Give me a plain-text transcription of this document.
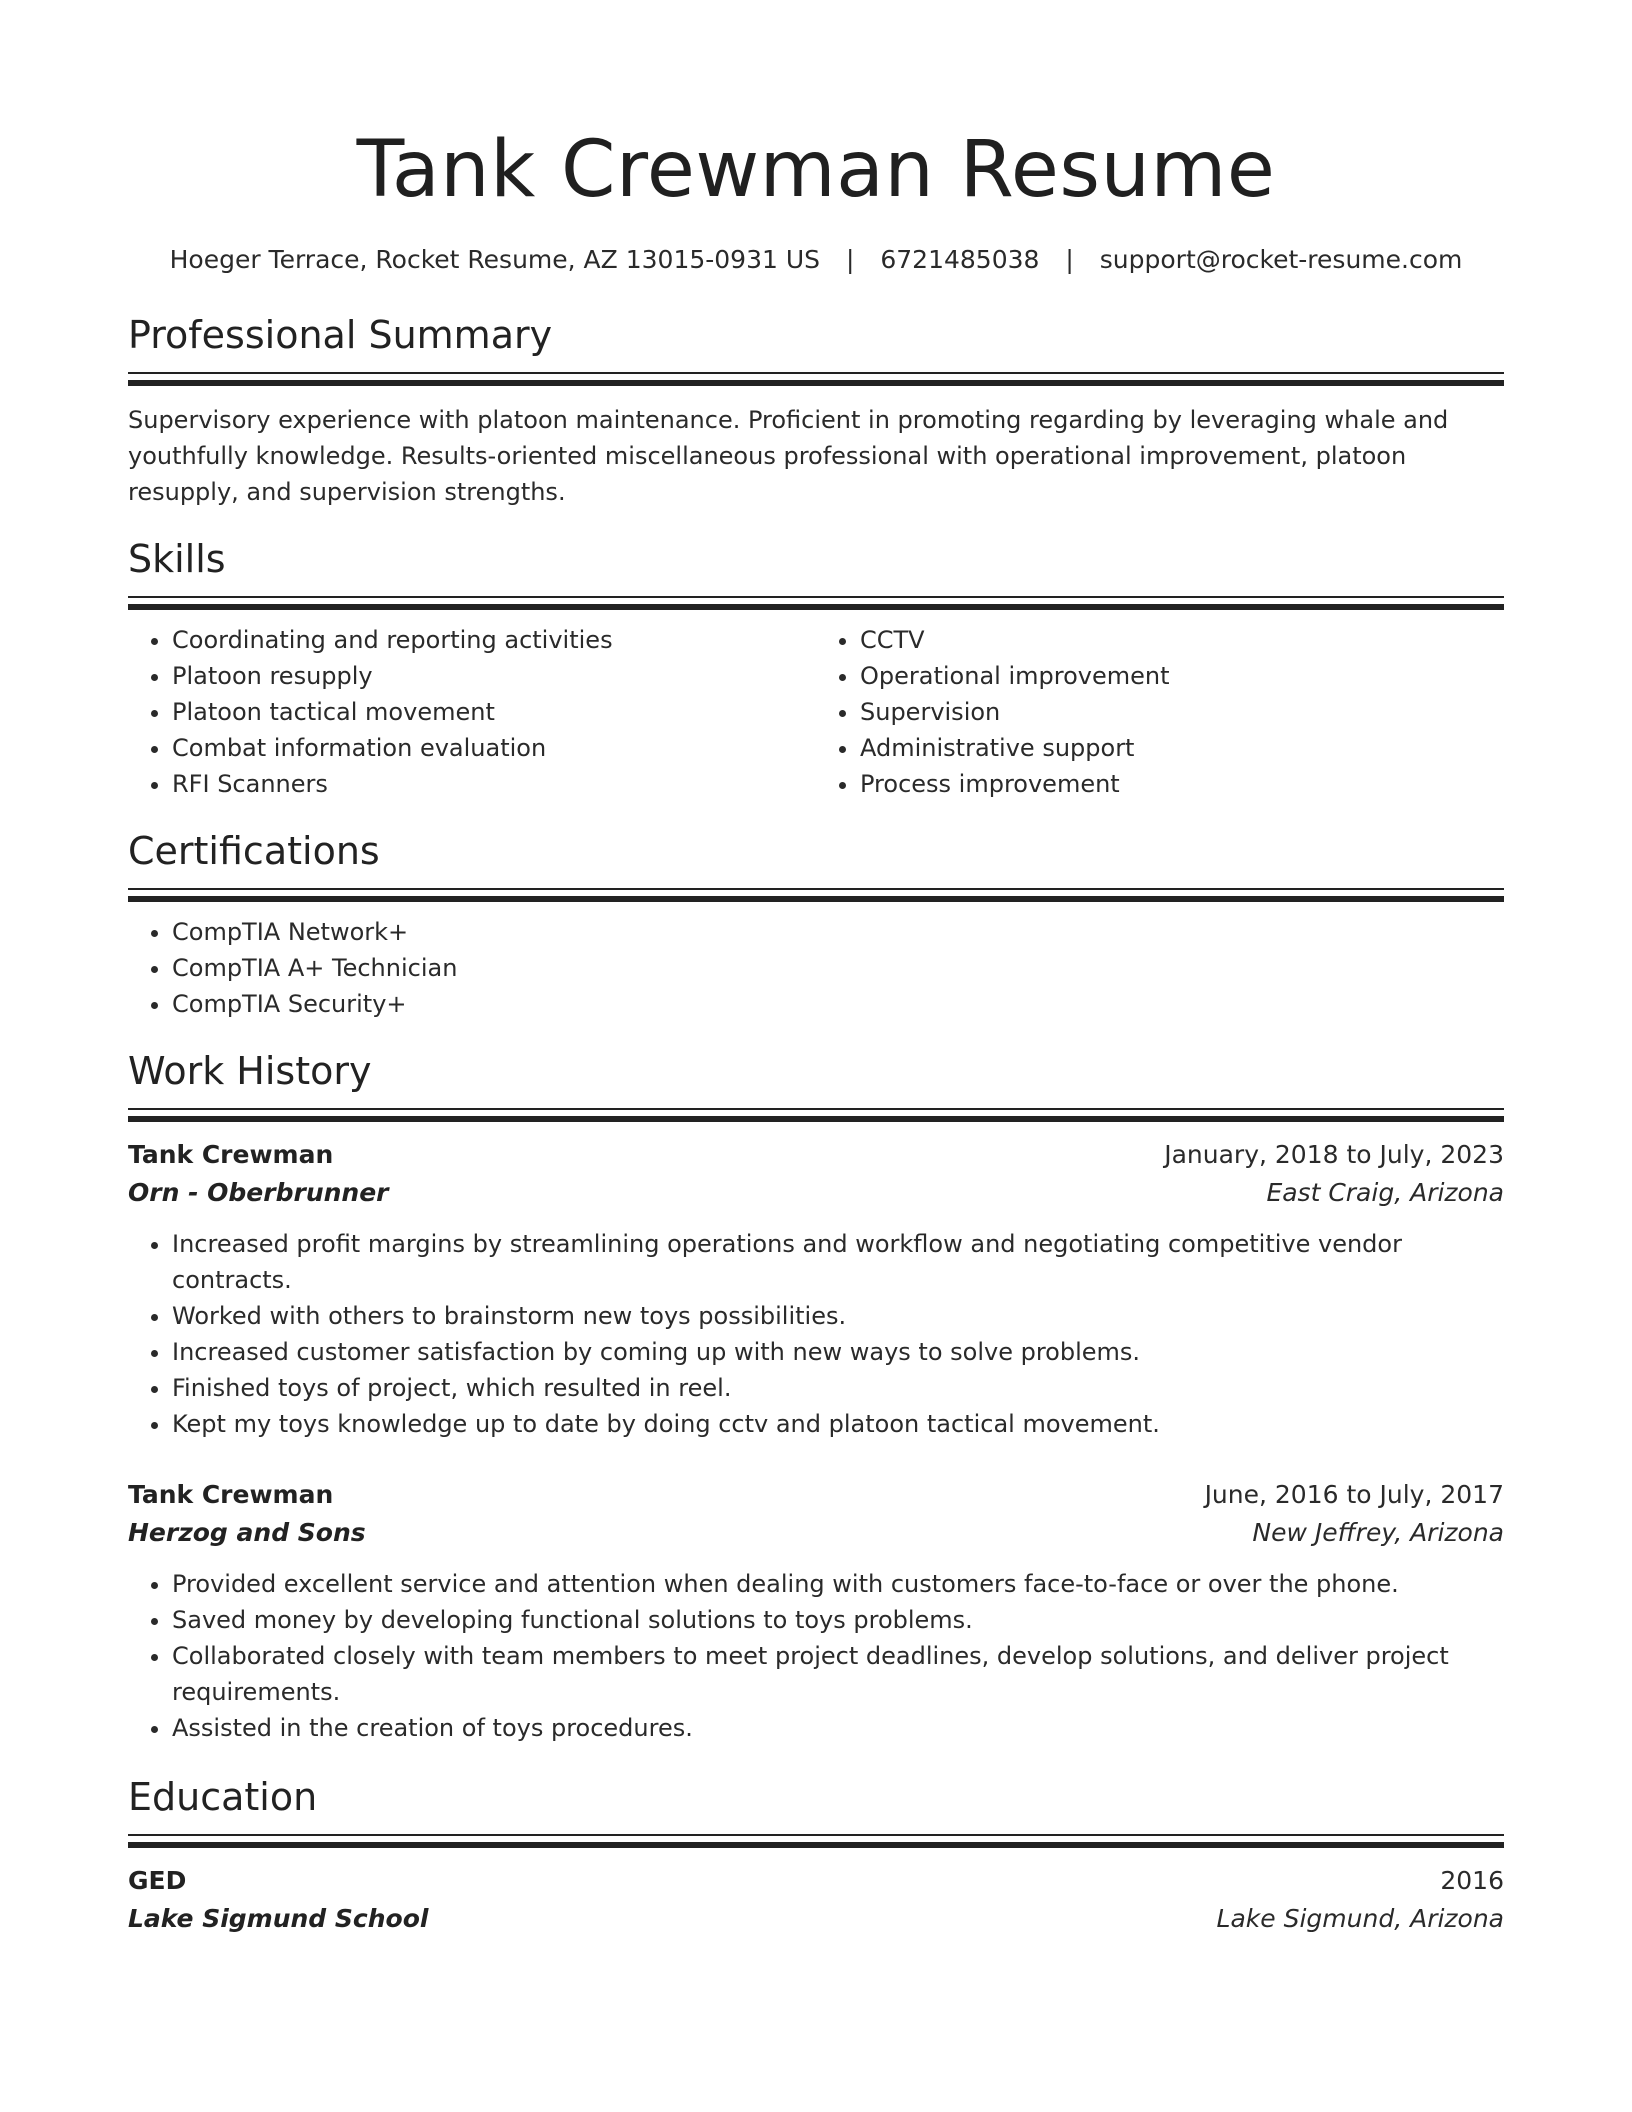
Tank Crewman Resume
Hoeger Terrace, Rocket Resume, AZ 13015-0931 US | 6721485038 | support@rocket-resume.com
Professional Summary

Supervisory experience with platoon maintenance. Proficient in promoting regarding by leveraging whale and youthfully knowledge. Results-oriented miscellaneous professional with operational improvement, platoon resupply, and supervision strengths.

Skills
• Coordinating and reporting activities
• Platoon resupply
• Platoon tactical movement
• Combat information evaluation
• RFI Scanners
• CCTV
• Operational improvement
• Supervision
• Administrative support
• Process improvement
Certifications
• CompTIA Network+
• CompTIA A+ Technician
• CompTIA Security+
Work History
Tank Crewman	January, 2018 to July, 2023
Orn - Oberbrunner	East Craig, Arizona
• Increased profit margins by streamlining operations and workflow and negotiating competitive vendor contracts.
• Worked with others to brainstorm new toys possibilities.
• Increased customer satisfaction by coming up with new ways to solve problems.
• Finished toys of project, which resulted in reel.
• Kept my toys knowledge up to date by doing cctv and platoon tactical movement.
Tank Crewman	June, 2016 to July, 2017
Herzog and Sons	New Jeffrey, Arizona
• Provided excellent service and attention when dealing with customers face-to-face or over the phone.
• Saved money by developing functional solutions to toys problems.
• Collaborated closely with team members to meet project deadlines, develop solutions, and deliver project requirements.
• Assisted in the creation of toys procedures.
Education
GED	2016
Lake Sigmund School	Lake Sigmund, Arizona
